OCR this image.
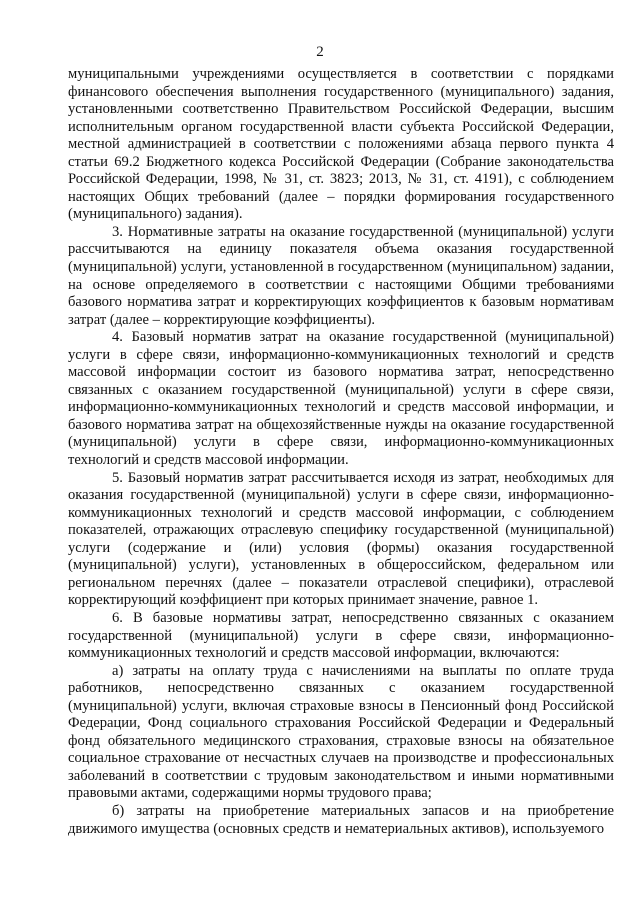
2

муниципальными учреждениями осуществляется в соответствии с порядками финансового обеспечения выполнения государственного (муниципального) задания, установленными соответственно Правительством Российской Федерации, высшим исполнительным органом государственной власти субъекта Российской Федерации, местной администрацией в соответствии с положениями абзаца первого пункта 4 статьи 69.2 Бюджетного кодекса Российской Федерации (Собрание законодательства Российской Федерации, 1998, № 31, ст. 3823; 2013, № 31, ст. 4191), с соблюдением настоящих Общих требований (далее – порядки формирования государственного (муниципального) задания).

3. Нормативные затраты на оказание государственной (муниципальной) услуги рассчитываются на единицу показателя объема оказания государственной (муниципальной) услуги, установленной в государственном (муниципальном) задании, на основе определяемого в соответствии с настоящими Общими требованиями базового норматива затрат и корректирующих коэффициентов к базовым нормативам затрат (далее – корректирующие коэффициенты).

4. Базовый норматив затрат на оказание государственной (муниципальной) услуги в сфере связи, информационно-коммуникационных технологий и средств массовой информации состоит из базового норматива затрат, непосредственно связанных с оказанием государственной (муниципальной) услуги в сфере связи, информационно-коммуникационных технологий и средств массовой информации, и базового норматива затрат на общехозяйственные нужды на оказание государственной (муниципальной) услуги в сфере связи, информационно-коммуникационных технологий и средств массовой информации.

5. Базовый норматив затрат рассчитывается исходя из затрат, необходимых для оказания государственной (муниципальной) услуги в сфере связи, информационно-коммуникационных технологий и средств массовой информации, с соблюдением показателей, отражающих отраслевую специфику государственной (муниципальной) услуги (содержание и (или) условия (формы) оказания государственной (муниципальной) услуги), установленных в общероссийском, федеральном или региональном перечнях (далее – показатели отраслевой специфики), отраслевой корректирующий коэффициент при которых принимает значение, равное 1.

6. В базовые нормативы затрат, непосредственно связанных с оказанием государственной (муниципальной) услуги в сфере связи, информационно-коммуникационных технологий и средств массовой информации, включаются:

а) затраты на оплату труда с начислениями на выплаты по оплате труда работников, непосредственно связанных с оказанием государственной (муниципальной) услуги, включая страховые взносы в Пенсионный фонд Российской Федерации, Фонд социального страхования Российской Федерации и Федеральный фонд обязательного медицинского страхования, страховые взносы на обязательное социальное страхование от несчастных случаев на производстве и профессиональных заболеваний в соответствии с трудовым законодательством и иными нормативными правовыми актами, содержащими нормы трудового права;

б) затраты на приобретение материальных запасов и на приобретение движимого имущества (основных средств и нематериальных активов), используемого
